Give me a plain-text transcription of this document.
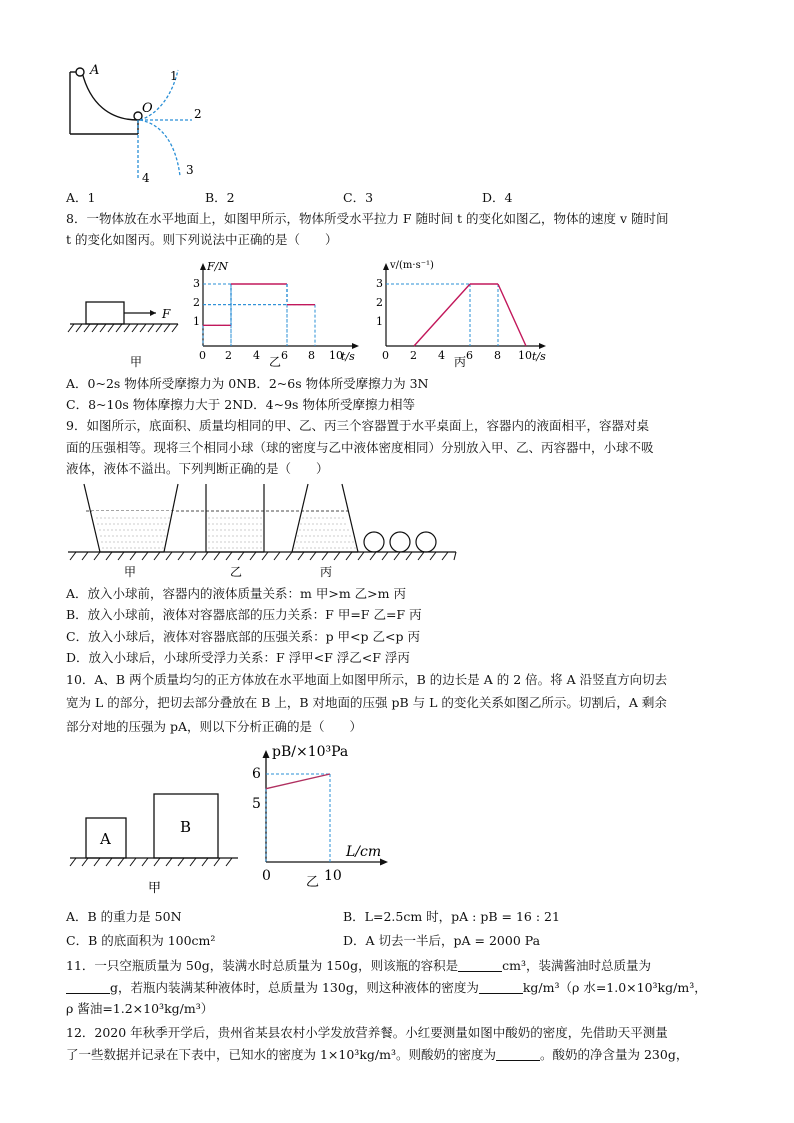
A
O
1
2
3
4
A．1	B．2	C．3	D．4
8．一物体放在水平地面上，如图甲所示，物体所受水平拉力 F 随时间 t 的变化如图乙，物体的速度 v 随时间
t 的变化如图丙。则下列说法中正确的是（　　）
F
甲
F/N
t/s
乙
1
2
3
0 2 4 6 8 10
v/(m·s⁻¹)
t/s
丙
1
2
3
0 2 4 6 8 10
A．0~2s 物体所受摩擦力为 0NB．2~6s 物体所受摩擦力为 3N
C．8~10s 物体摩擦力大于 2ND．4~9s 物体所受摩擦力相等
9．如图所示，底面积、质量均相同的甲、乙、丙三个容器置于水平桌面上，容器内的液面相平，容器对桌
面的压强相等。现将三个相同小球（球的密度与乙中液体密度相同）分别放入甲、乙、丙容器中，小球不吸
液体，液体不溢出。下列判断正确的是（　　）
甲	乙	丙
A．放入小球前，容器内的液体质量关系：m 甲>m 乙>m 丙
B．放入小球前，液体对容器底部的压力关系：F 甲=F 乙=F 丙
C．放入小球后，液体对容器底部的压强关系：p 甲<p 乙<p 丙
D．放入小球后，小球所受浮力关系：F 浮甲<F 浮乙<F 浮丙
10．A、B 两个质量均匀的正方体放在水平地面上如图甲所示，B 的边长是 A 的 2 倍。将 A 沿竖直方向切去
宽为 L 的部分，把切去部分叠放在 B 上，B 对地面的压强 pB 与 L 的变化关系如图乙所示。切割后，A 剩余
部分对地的压强为 pA，则以下分析正确的是（　　）
A
B
甲
pB/×10³Pa
L/cm
6
5
0	10
乙
A．B 的重力是 50N	B．L=2.5cm 时，pA : pB = 16 : 21
C．B 的底面积为 100cm²	D．A 切去一半后，pA = 2000 Pa
11．一只空瓶质量为 50g，装满水时总质量为 150g，则该瓶的容积是	cm³，装满酱油时总质量为
g，若瓶内装满某种液体时，总质量为 130g，则这种液体的密度为	kg/m³（ρ 水=1.0×10³kg/m³，
ρ 酱油=1.2×10³kg/m³）
12．2020 年秋季开学后，贵州省某县农村小学发放营养餐。小红要测量如图中酸奶的密度，先借助天平测量
了一些数据并记录在下表中，已知水的密度为 1×10³kg/m³。则酸奶的密度为	。酸奶的净含量为 230g，
